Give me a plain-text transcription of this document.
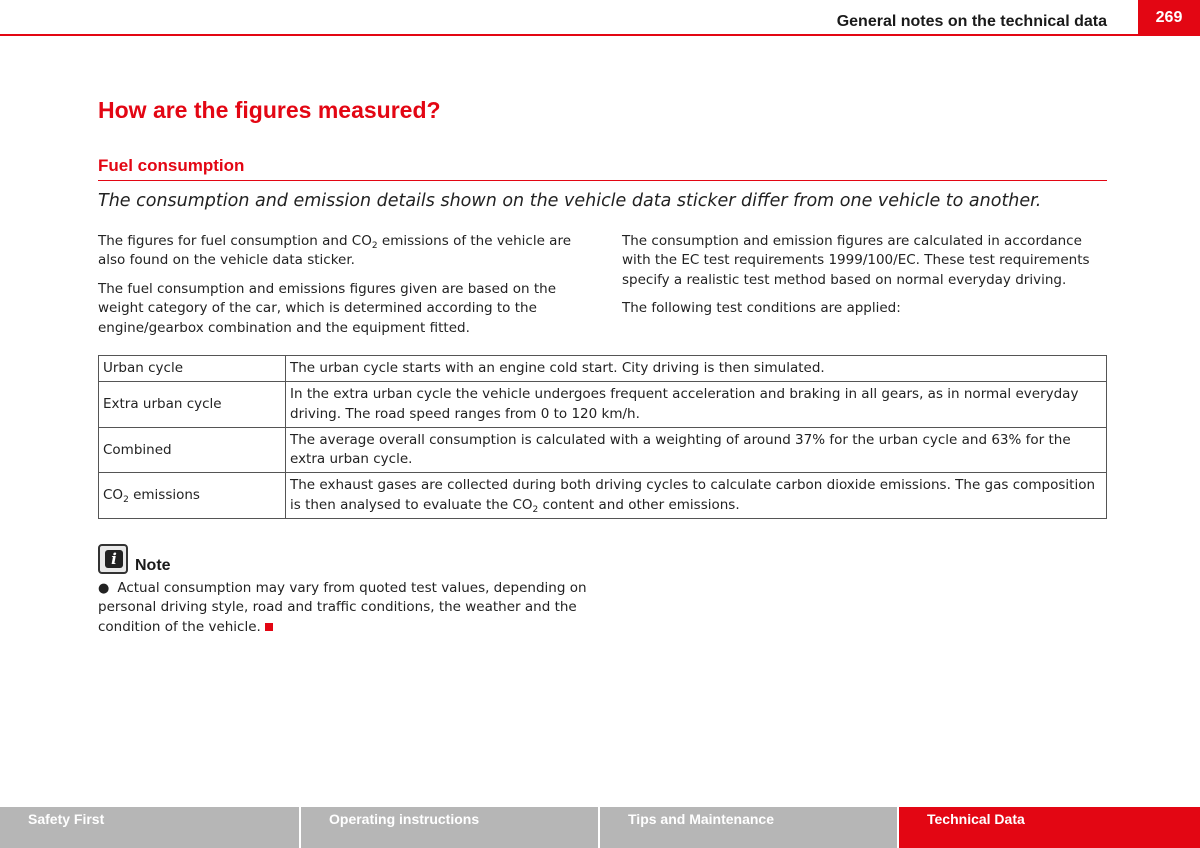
General notes on the technical data	269
How are the figures measured?
Fuel consumption
The consumption and emission details shown on the vehicle data sticker differ from one vehicle to another.

The figures for fuel consumption and $CO_2$ emissions of the vehicle are also found on the vehicle data sticker.

The fuel consumption and emissions figures given are based on the weight category of the car, which is determined according to the engine/gearbox combination and the equipment fitted.

The consumption and emission figures are calculated in accordance with the EC test requirements 1999/100/EC. These test requirements specify a realistic test method based on normal everyday driving.

The following test conditions are applied:

Urban cycle	The urban cycle starts with an engine cold start. City driving is then simulated.
Extra urban cycle	In the extra urban cycle the vehicle undergoes frequent acceleration and braking in all gears, as in normal everyday driving. The road speed ranges from 0 to 120 km/h.
Combined	The average overall consumption is calculated with a weighting of around 37% for the urban cycle and 63% for the extra urban cycle.
$CO_2$ emissions	The exhaust gases are collected during both driving cycles to calculate carbon dioxide emissions. The gas composition is then analysed to evaluate the $CO_2$ content and other emissions.
i	Note
● Actual consumption may vary from quoted test values, depending on personal driving style, road and traffic conditions, the weather and the condition of the vehicle.
Safety First	Operating instructions	Tips and Maintenance	Technical Data
